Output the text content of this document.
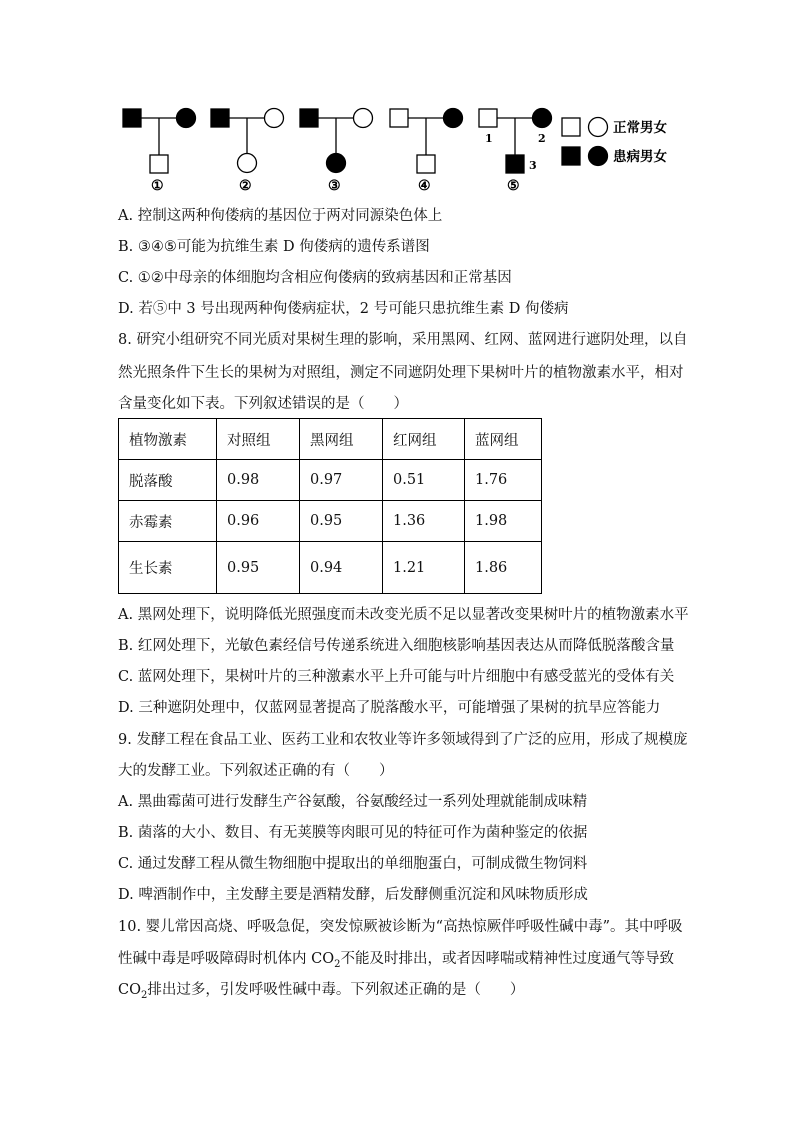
①	②	③	④	⑤
1	2
3
正常男女
患病男女
A. 控制这两种佝偻病的基因位于两对同源染色体上
B. ③④⑤可能为抗维生素 D 佝偻病的遗传系谱图
C. ①②中母亲的体细胞均含相应佝偻病的致病基因和正常基因
D. 若⑤中 3 号出现两种佝偻病症状，2 号可能只患抗维生素 D 佝偻病
8. 研究小组研究不同光质对果树生理的影响，采用黑网、红网、蓝网进行遮阴处理，以自
然光照条件下生长的果树为对照组，测定不同遮阴处理下果树叶片的植物激素水平，相对
含量变化如下表。下列叙述错误的是（　　）
植物激素	对照组	黑网组	红网组	蓝网组
脱落酸	0.98	0.97	0.51	1.76
赤霉素	0.96	0.95	1.36	1.98
生长素	0.95	0.94	1.21	1.86
A. 黑网处理下，说明降低光照强度而未改变光质不足以显著改变果树叶片的植物激素水平
B. 红网处理下，光敏色素经信号传递系统进入细胞核影响基因表达从而降低脱落酸含量
C. 蓝网处理下，果树叶片的三种激素水平上升可能与叶片细胞中有感受蓝光的受体有关
D. 三种遮阴处理中，仅蓝网显著提高了脱落酸水平，可能增强了果树的抗旱应答能力
9. 发酵工程在食品工业、医药工业和农牧业等许多领域得到了广泛的应用，形成了规模庞
大的发酵工业。下列叙述正确的有（　　）
A. 黑曲霉菌可进行发酵生产谷氨酸，谷氨酸经过一系列处理就能制成味精
B. 菌落的大小、数目、有无荚膜等肉眼可见的特征可作为菌种鉴定的依据
C. 通过发酵工程从微生物细胞中提取出的单细胞蛋白，可制成微生物饲料
D. 啤酒制作中，主发酵主要是酒精发酵，后发酵侧重沉淀和风味物质形成
10. 婴儿常因高烧、呼吸急促，突发惊厥被诊断为“高热惊厥伴呼吸性碱中毒”。其中呼吸
性碱中毒是呼吸障碍时机体内 $CO_2$不能及时排出，或者因哮喘或精神性过度通气等导致
$CO_2$排出过多，引发呼吸性碱中毒。下列叙述正确的是（　　）
